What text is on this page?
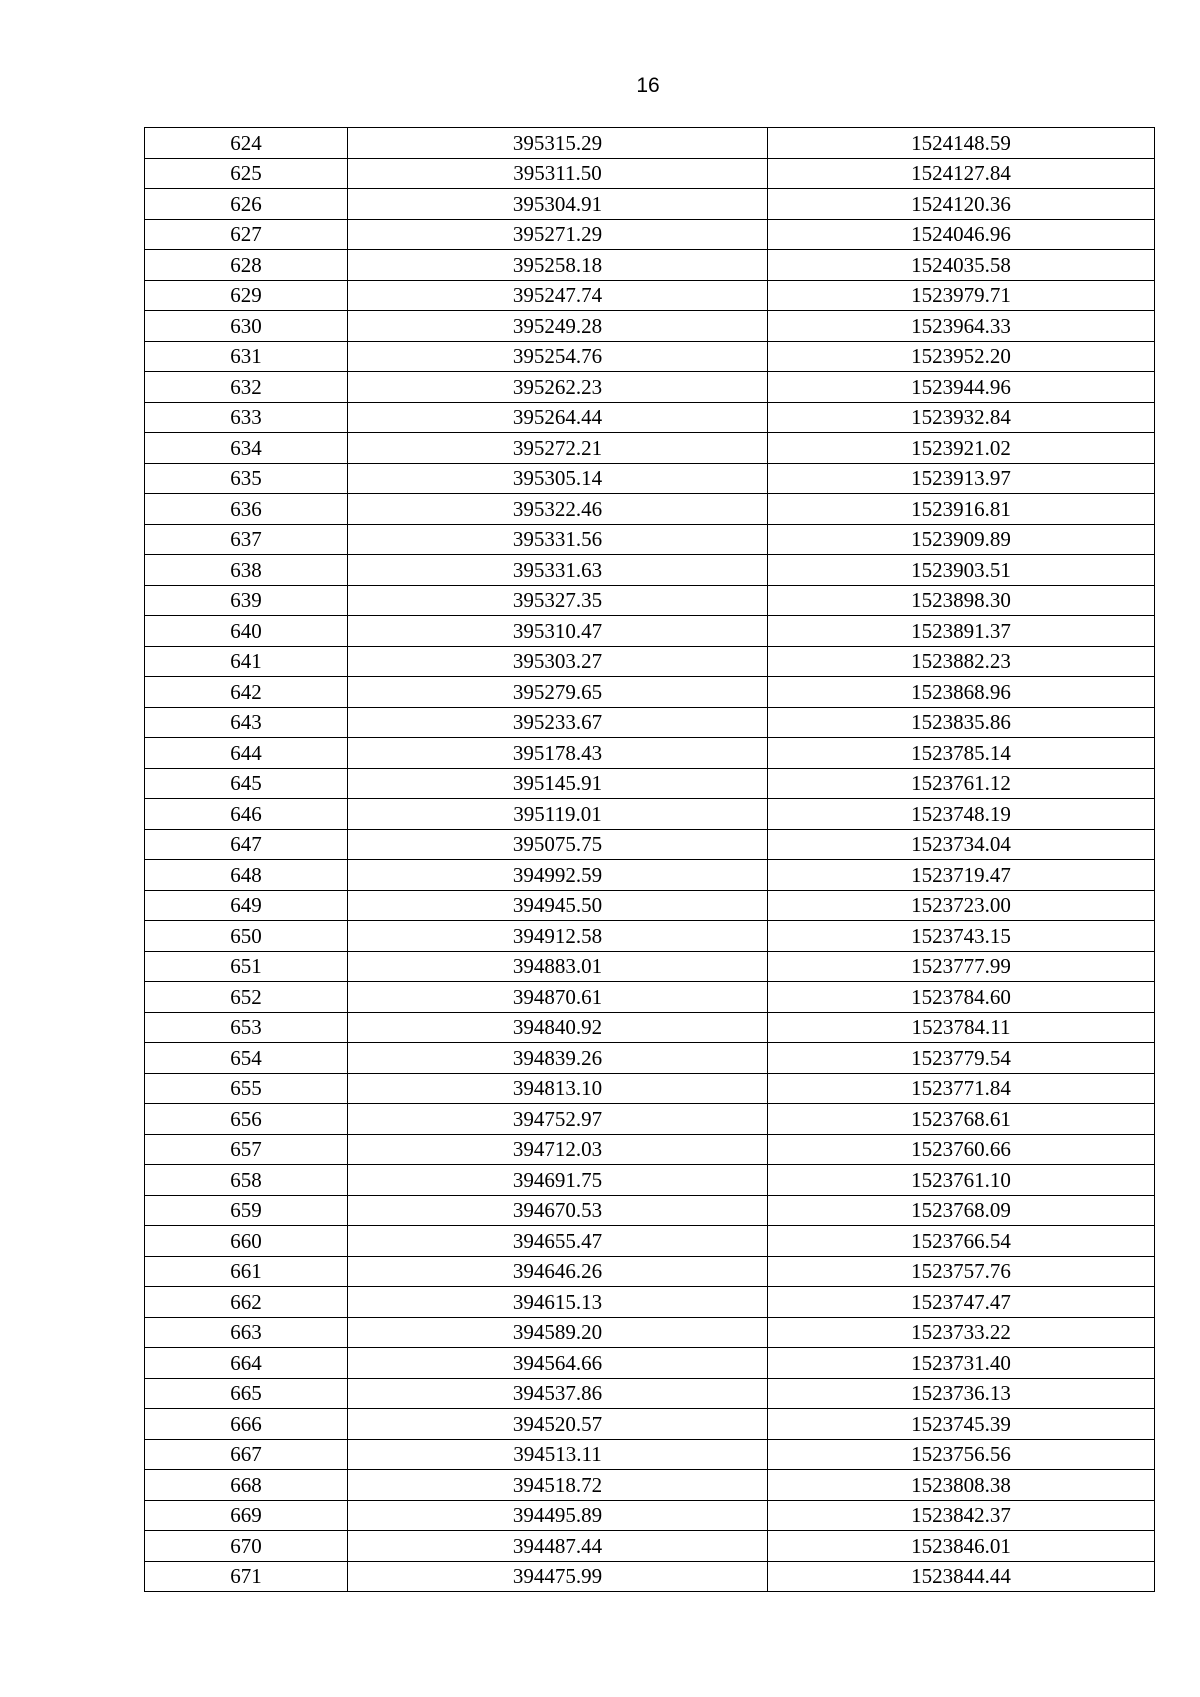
16
624	395315.29	1524148.59
625	395311.50	1524127.84
626	395304.91	1524120.36
627	395271.29	1524046.96
628	395258.18	1524035.58
629	395247.74	1523979.71
630	395249.28	1523964.33
631	395254.76	1523952.20
632	395262.23	1523944.96
633	395264.44	1523932.84
634	395272.21	1523921.02
635	395305.14	1523913.97
636	395322.46	1523916.81
637	395331.56	1523909.89
638	395331.63	1523903.51
639	395327.35	1523898.30
640	395310.47	1523891.37
641	395303.27	1523882.23
642	395279.65	1523868.96
643	395233.67	1523835.86
644	395178.43	1523785.14
645	395145.91	1523761.12
646	395119.01	1523748.19
647	395075.75	1523734.04
648	394992.59	1523719.47
649	394945.50	1523723.00
650	394912.58	1523743.15
651	394883.01	1523777.99
652	394870.61	1523784.60
653	394840.92	1523784.11
654	394839.26	1523779.54
655	394813.10	1523771.84
656	394752.97	1523768.61
657	394712.03	1523760.66
658	394691.75	1523761.10
659	394670.53	1523768.09
660	394655.47	1523766.54
661	394646.26	1523757.76
662	394615.13	1523747.47
663	394589.20	1523733.22
664	394564.66	1523731.40
665	394537.86	1523736.13
666	394520.57	1523745.39
667	394513.11	1523756.56
668	394518.72	1523808.38
669	394495.89	1523842.37
670	394487.44	1523846.01
671	394475.99	1523844.44
